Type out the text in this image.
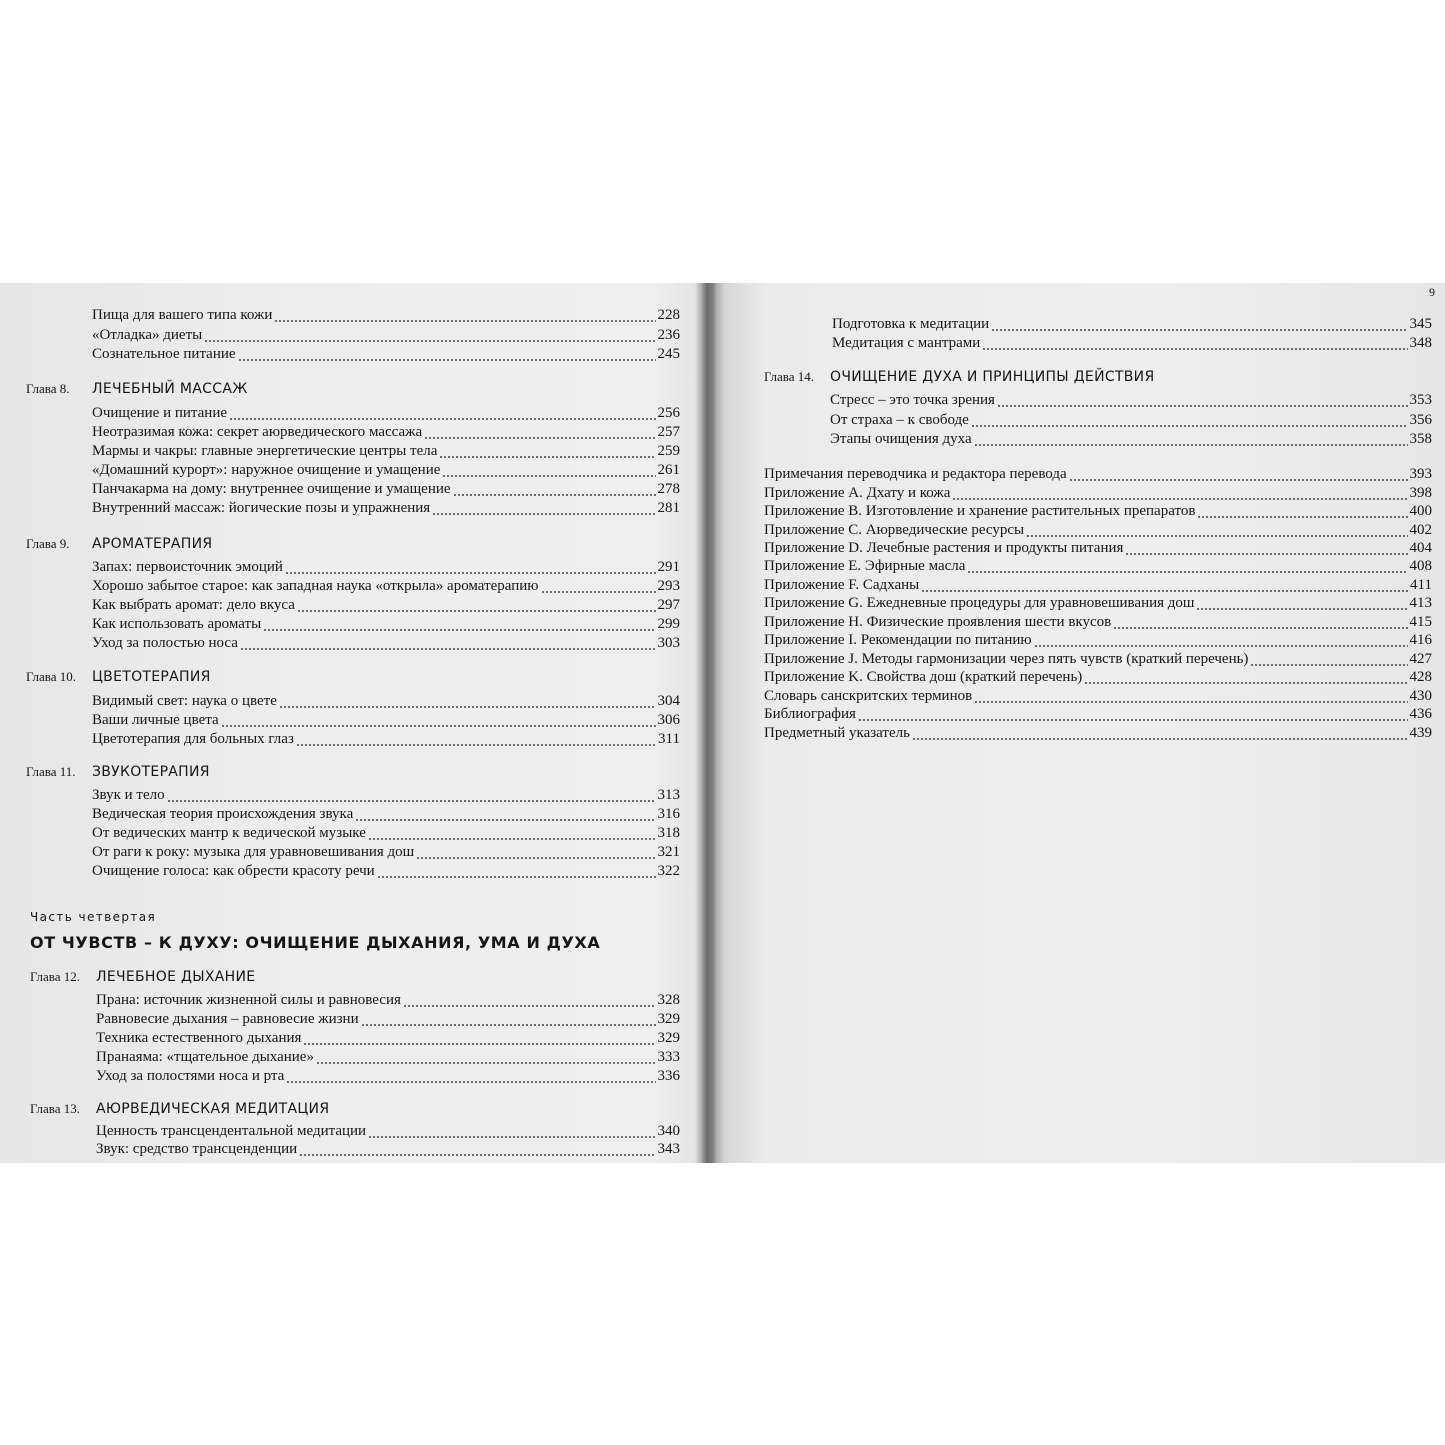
Пища для вашего типа кожи	228
«Отладка» диеты	236
Сознательное питание	245
Глава 8. ЛЕЧЕБНЫЙ МАССАЖ
Очищение и питание	256
Неотразимая кожа: секрет аюрведического массажа	257
Мармы и чакры: главные энергетические центры тела	259
«Домашний курорт»: наружное очищение и умащение	261
Панчакарма на дому: внутреннее очищение и умащение	278
Внутренний массаж: йогические позы и упражнения	281
Глава 9. АРОМАТЕРАПИЯ
Запах: первоисточник эмоций	291
Хорошо забытое старое: как западная наука «открыла» ароматерапию	293
Как выбрать аромат: дело вкуса	297
Как использовать ароматы	299
Уход за полостью носа	303
Глава 10. ЦВЕТОТЕРАПИЯ
Видимый свет: наука о цвете	304
Ваши личные цвета	306
Цветотерапия для больных глаз	311
Глава 11. ЗВУКОТЕРАПИЯ
Звук и тело	313
Ведическая теория происхождения звука	316
От ведических мантр к ведической музыке	318
От раги к року: музыка для уравновешивания дош	321
Очищение голоса: как обрести красоту речи	322
Часть четвертая
ОТ ЧУВСТВ – К ДУХУ: ОЧИЩЕНИЕ ДЫХАНИЯ, УМА И ДУХА
Глава 12. ЛЕЧЕБНОЕ ДЫХАНИЕ
Прана: источник жизненной силы и равновесия	328
Равновесие дыхания – равновесие жизни	329
Техника естественного дыхания	329
Пранаяма: «тщательное дыхание»	333
Уход за полостями носа и рта	336
Глава 13. АЮРВЕДИЧЕСКАЯ МЕДИТАЦИЯ
Ценность трансцендентальной медитации	340
Звук: средство трансценденции	343
9
Подготовка к медитации	345
Медитация с мантрами	348
Глава 14. ОЧИЩЕНИЕ ДУХА И ПРИНЦИПЫ ДЕЙСТВИЯ
Стресс – это точка зрения	353
От страха – к свободе	356
Этапы очищения духа	358
Примечания переводчика и редактора перевода	393
Приложение A. Дхату и кожа	398
Приложение B. Изготовление и хранение растительных препаратов	400
Приложение C. Аюрведические ресурсы	402
Приложение D. Лечебные растения и продукты питания	404
Приложение E. Эфирные масла	408
Приложение F. Садханы	411
Приложение G. Ежедневные процедуры для уравновешивания дош	413
Приложение H. Физические проявления шести вкусов	415
Приложение I. Рекомендации по питанию	416
Приложение J. Методы гармонизации через пять чувств (краткий перечень)	427
Приложение K. Свойства дош (краткий перечень)	428
Словарь санскритских терминов	430
Библиография	436
Предметный указатель	439
